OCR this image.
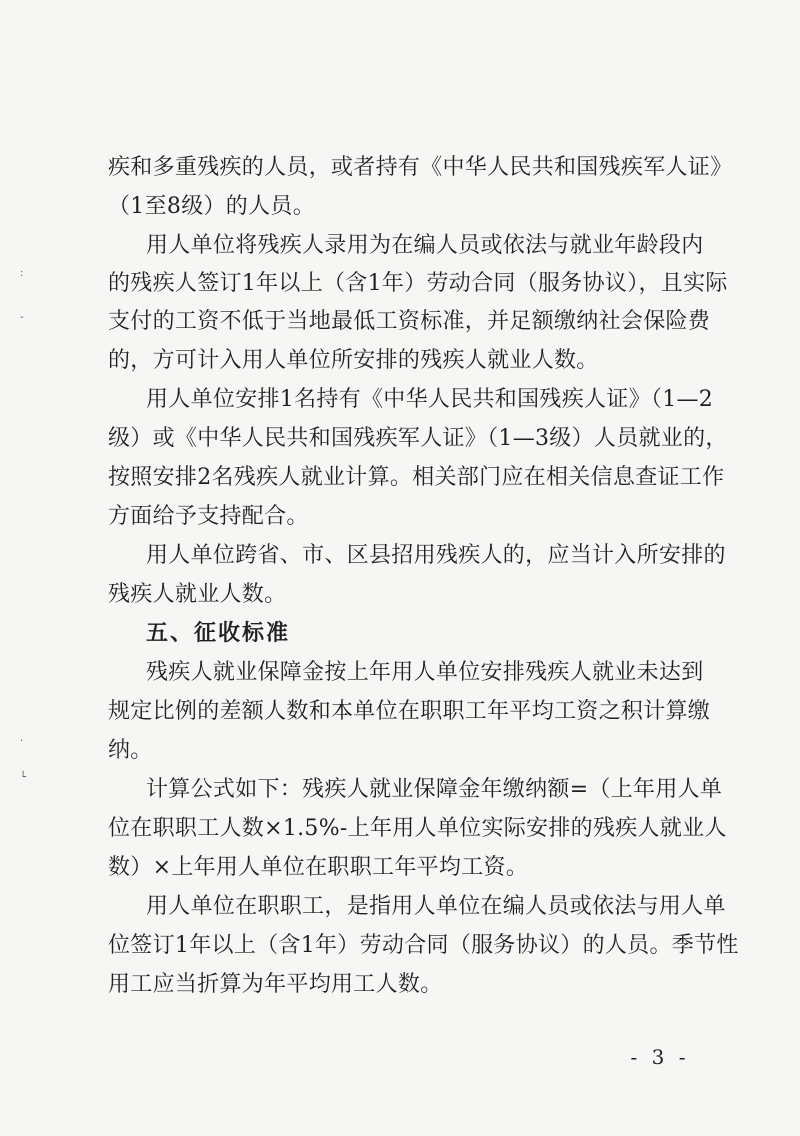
:
-
·
└
疾和多重残疾的人员，或者持有《中华人民共和国残疾军人证》
（1至8级）的人员。
用人单位将残疾人录用为在编人员或依法与就业年龄段内
的残疾人签订1年以上（含1年）劳动合同（服务协议），且实际
支付的工资不低于当地最低工资标准，并足额缴纳社会保险费
的，方可计入用人单位所安排的残疾人就业人数。
用人单位安排1名持有《中华人民共和国残疾人证》（1—2
级）或《中华人民共和国残疾军人证》（1—3级）人员就业的，
按照安排2名残疾人就业计算。相关部门应在相关信息查证工作
方面给予支持配合。
用人单位跨省、市、区县招用残疾人的，应当计入所安排的
残疾人就业人数。
五、征收标准
残疾人就业保障金按上年用人单位安排残疾人就业未达到
规定比例的差额人数和本单位在职职工年平均工资之积计算缴
纳。
计算公式如下：残疾人就业保障金年缴纳额=（上年用人单
位在职职工人数×1.5%-上年用人单位实际安排的残疾人就业人
数）×上年用人单位在职职工年平均工资。
用人单位在职职工，是指用人单位在编人员或依法与用人单
位签订1年以上（含1年）劳动合同（服务协议）的人员。季节性
用工应当折算为年平均用工人数。
- 3 -
